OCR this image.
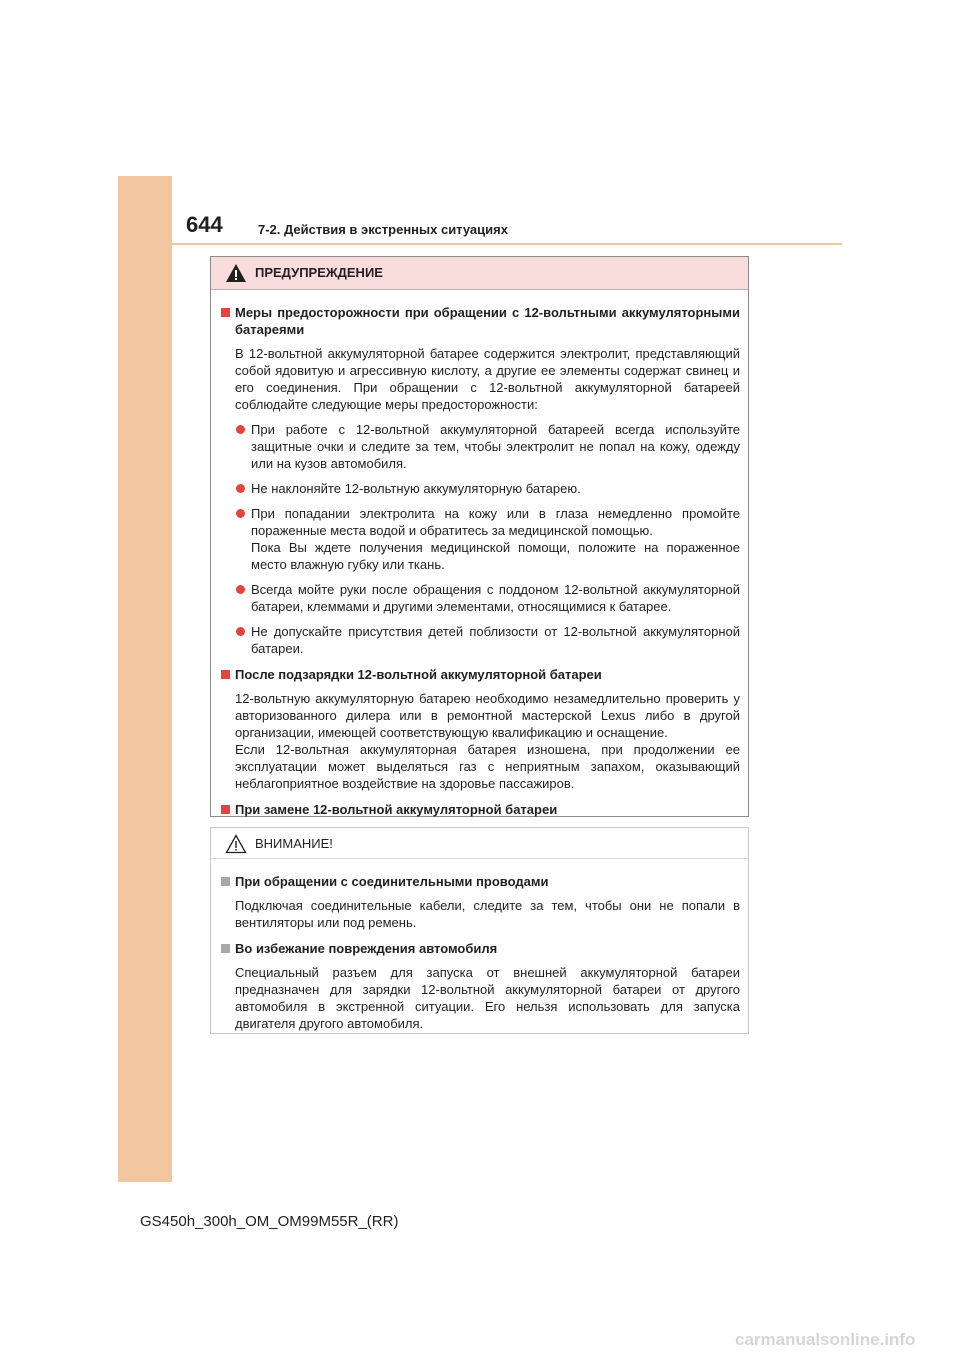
644	7-2. Действия в экстренных ситуациях
ПРЕДУПРЕЖДЕНИЕ
Меры предосторожности при обращении с 12-вольтными аккумуляторными батареями
В 12-вольтной аккумуляторной батарее содержится электролит, представляющий собой ядовитую и агрессивную кислоту, а другие ее элементы содержат свинец и его соединения. При обращении с 12-вольтной аккумуляторной батареей соблюдайте следующие меры предосторожности:
При работе с 12-вольтной аккумуляторной батареей всегда используйте защитные очки и следите за тем, чтобы электролит не попал на кожу, одежду или на кузов автомобиля.
Не наклоняйте 12-вольтную аккумуляторную батарею.
При попадании электролита на кожу или в глаза немедленно промойте пораженные места водой и обратитесь за медицинской помощью.
Пока Вы ждете получения медицинской помощи, положите на пораженное место влажную губку или ткань.
Всегда мойте руки после обращения с поддоном 12-вольтной аккумуляторной батареи, клеммами и другими элементами, относящимися к батарее.
Не допускайте присутствия детей поблизости от 12-вольтной аккумуляторной батареи.
После подзарядки 12-вольтной аккумуляторной батареи
12-вольтную аккумуляторную батарею необходимо незамедлительно проверить у авторизованного дилера или в ремонтной мастерской Lexus либо в другой организации, имеющей соответствующую квалификацию и оснащение.
Если 12-вольтная аккумуляторная батарея изношена, при продолжении ее эксплуатации может выделяться газ с неприятным запахом, оказывающий неблагоприятное воздействие на здоровье пассажиров.
При замене 12-вольтной аккумуляторной батареи
ВНИМАНИЕ!
При обращении с соединительными проводами
Подключая соединительные кабели, следите за тем, чтобы они не попали в вентиляторы или под ремень.
Во избежание повреждения автомобиля
Специальный разъем для запуска от внешней аккумуляторной батареи предназначен для зарядки 12-вольтной аккумуляторной батареи от другого автомобиля в экстренной ситуации. Его нельзя использовать для запуска двигателя другого автомобиля.
GS450h_300h_OM_OM99M55R_(RR)
carmanualsonline.info
